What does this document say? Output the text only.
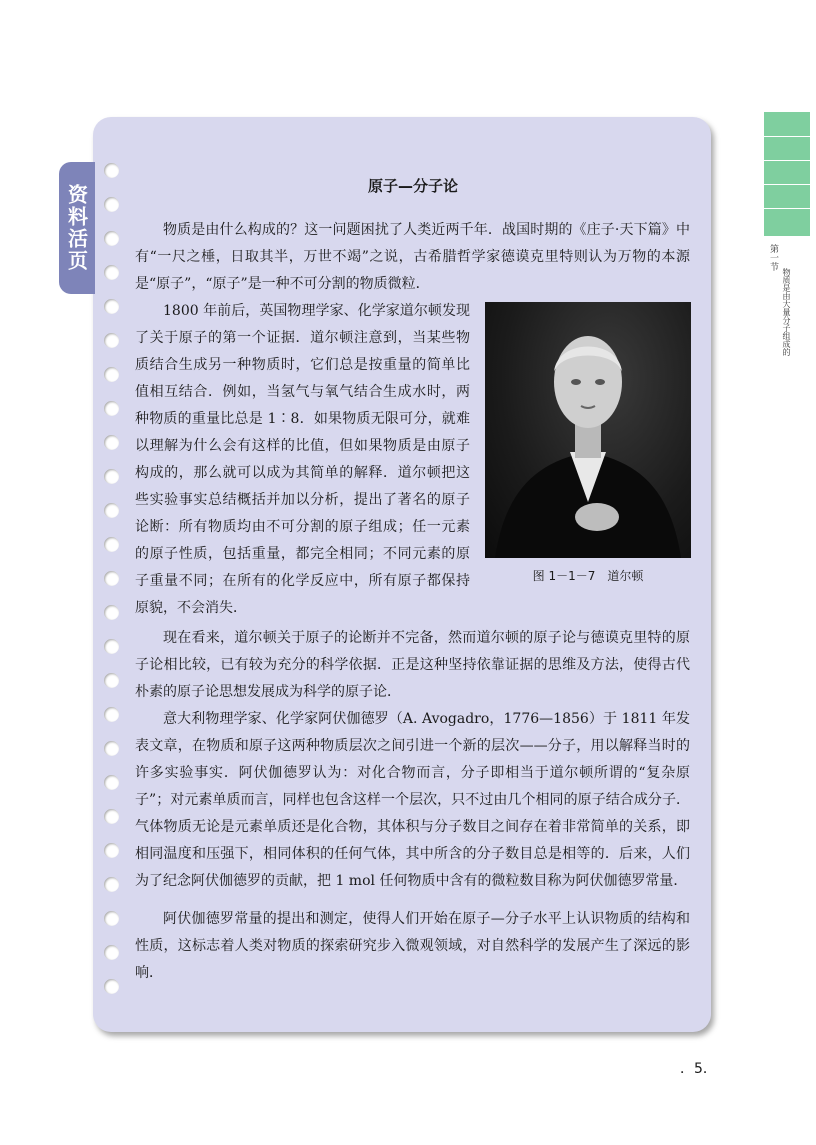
第一节
物质是由大量分子组成的
资料活页	原子—分子论

物质是由什么构成的？这一问题困扰了人类近两千年．战国时期的《庄子·天下篇》中有“一尺之棰，日取其半，万世不竭”之说，古希腊哲学家德谟克里特则认为万物的本源是“原子”，“原子”是一种不可分割的物质微粒．

1800 年前后，英国物理学家、化学家道尔顿发现了关于原子的第一个证据．道尔顿注意到，当某些物质结合生成另一种物质时，它们总是按重量的简单比值相互结合．例如，当氢气与氧气结合生成水时，两种物质的重量比总是 1∶8．如果物质无限可分，就难以理解为什么会有这样的比值，但如果物质是由原子构成的，那么就可以成为其简单的解释．道尔顿把这些实验事实总结概括并加以分析，提出了著名的原子论断：所有物质均由不可分割的原子组成；任一元素的原子性质，包括重量，都完全相同；不同元素的原子重量不同；在所有的化学反应中，所有原子都保持原貌，不会消失．

图 1－1－7　道尔顿

现在看来，道尔顿关于原子的论断并不完备，然而道尔顿的原子论与德谟克里特的原子论相比较，已有较为充分的科学依据．正是这种坚持依靠证据的思维及方法，使得古代朴素的原子论思想发展成为科学的原子论．

意大利物理学家、化学家阿伏伽德罗（A. Avogadro，1776—1856）于 1811 年发表文章，在物质和原子这两种物质层次之间引进一个新的层次——分子，用以解释当时的许多实验事实．阿伏伽德罗认为：对化合物而言，分子即相当于道尔顿所谓的“复杂原子”；对元素单质而言，同样也包含这样一个层次，只不过由几个相同的原子结合成分子．气体物质无论是元素单质还是化合物，其体积与分子数目之间存在着非常简单的关系，即相同温度和压强下，相同体积的任何气体，其中所含的分子数目总是相等的．后来，人们为了纪念阿伏伽德罗的贡献，把 1 mol 任何物质中含有的微粒数目称为阿伏伽德罗常量．

阿伏伽德罗常量的提出和测定，使得人们开始在原子—分子水平上认识物质的结构和性质，这标志着人类对物质的探索研究步入微观领域，对自然科学的发展产生了深远的影响．

．5．
